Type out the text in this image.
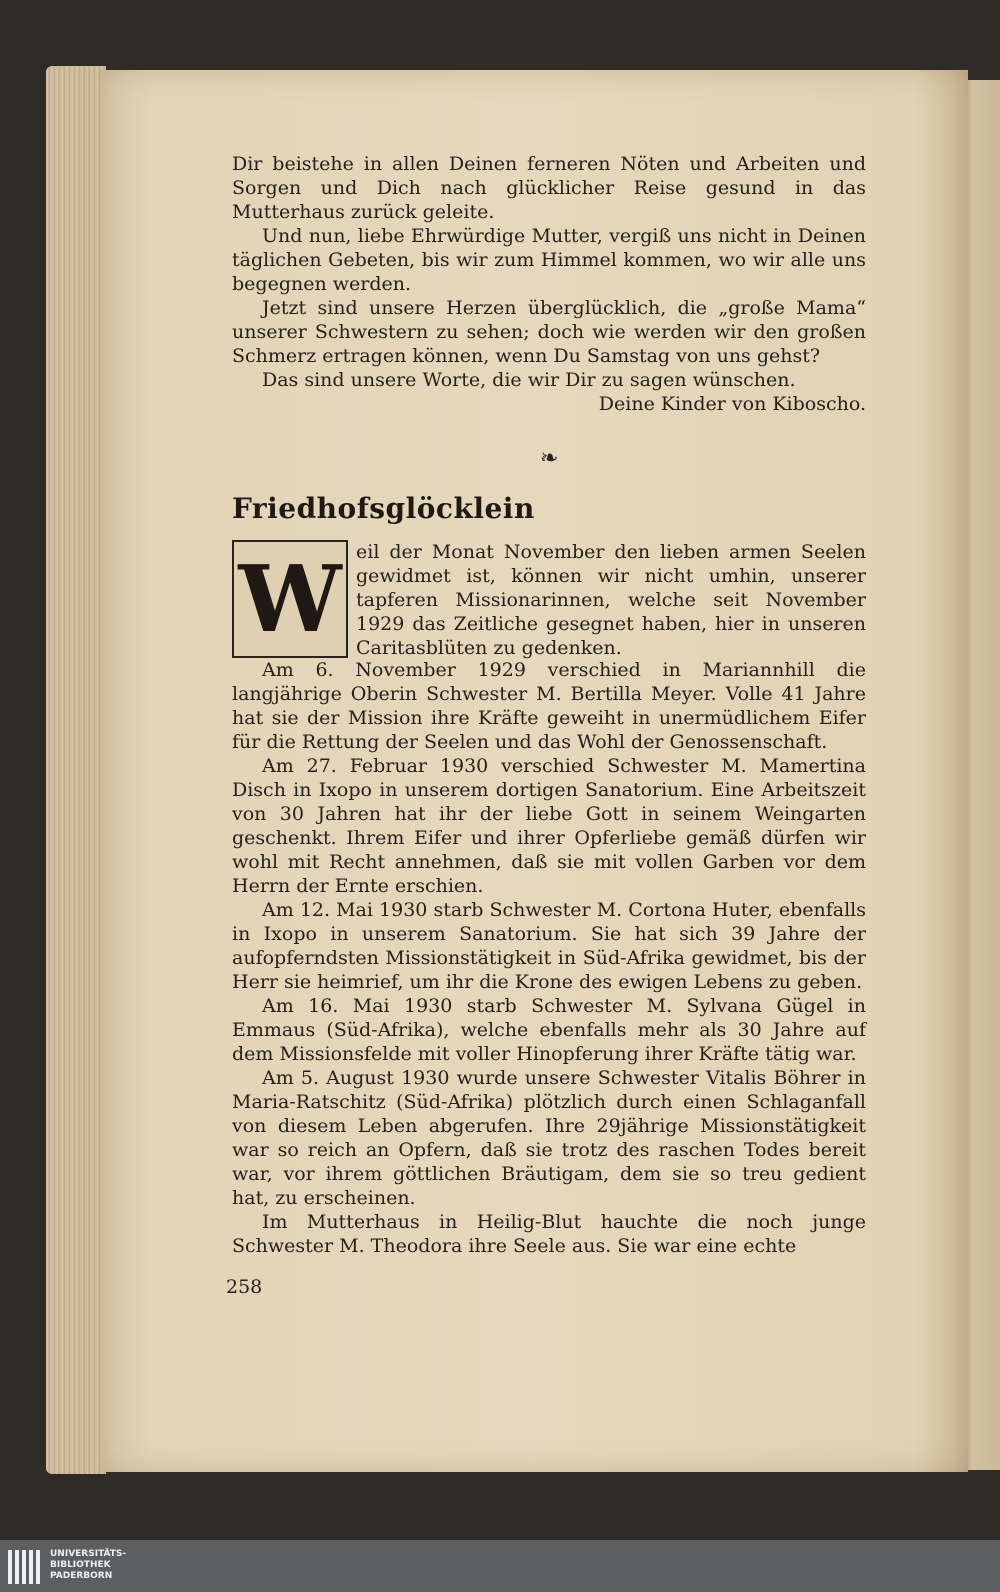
Dir beistehe in allen Deinen ferneren Nöten und Arbeiten und Sorgen und Dich nach glücklicher Reise gesund in das Mutterhaus zurück geleite.

Und nun, liebe Ehrwürdige Mutter, vergiß uns nicht in Deinen täglichen Gebeten, bis wir zum Himmel kommen, wo wir alle uns begegnen werden.

Jetzt sind unsere Herzen überglücklich, die „große Mama“ unserer Schwestern zu sehen; doch wie werden wir den großen Schmerz ertragen können, wenn Du Samstag von uns gehst?

Das sind unsere Worte, die wir Dir zu sagen wünschen.

Deine Kinder von Kiboscho.

❧
Friedhofsglöcklein
W eil der Monat November den lieben armen Seelen gewidmet ist, können wir nicht umhin, unserer tapferen Missionarinnen, welche seit November 1929 das Zeitliche gesegnet haben, hier in unseren Caritasblüten zu gedenken.

Am 6. November 1929 verschied in Mariannhill die langjährige Oberin Schwester M. Bertilla Meyer. Volle 41 Jahre hat sie der Mission ihre Kräfte geweiht in unermüdlichem Eifer für die Rettung der Seelen und das Wohl der Genossenschaft.

Am 27. Februar 1930 verschied Schwester M. Mamertina Disch in Ixopo in unserem dortigen Sanatorium. Eine Arbeitszeit von 30 Jahren hat ihr der liebe Gott in seinem Weingarten geschenkt. Ihrem Eifer und ihrer Opferliebe gemäß dürfen wir wohl mit Recht annehmen, daß sie mit vollen Garben vor dem Herrn der Ernte erschien.

Am 12. Mai 1930 starb Schwester M. Cortona Huter, ebenfalls in Ixopo in unserem Sanatorium. Sie hat sich 39 Jahre der aufopferndsten Missionstätigkeit in Süd-Afrika gewidmet, bis der Herr sie heimrief, um ihr die Krone des ewigen Lebens zu geben.

Am 16. Mai 1930 starb Schwester M. Sylvana Gügel in Emmaus (Süd-Afrika), welche ebenfalls mehr als 30 Jahre auf dem Missionsfelde mit voller Hinopferung ihrer Kräfte tätig war.

Am 5. August 1930 wurde unsere Schwester Vitalis Böhrer in Maria-Ratschitz (Süd-Afrika) plötzlich durch einen Schlaganfall von diesem Leben abgerufen. Ihre 29jährige Missionstätigkeit war so reich an Opfern, daß sie trotz des raschen Todes bereit war, vor ihrem göttlichen Bräutigam, dem sie so treu gedient hat, zu erscheinen.

Im Mutterhaus in Heilig-Blut hauchte die noch junge Schwester M. Theodora ihre Seele aus. Sie war eine echte

258
UNIVERSITÄTS-
BIBLIOTHEK
PADERBORN
